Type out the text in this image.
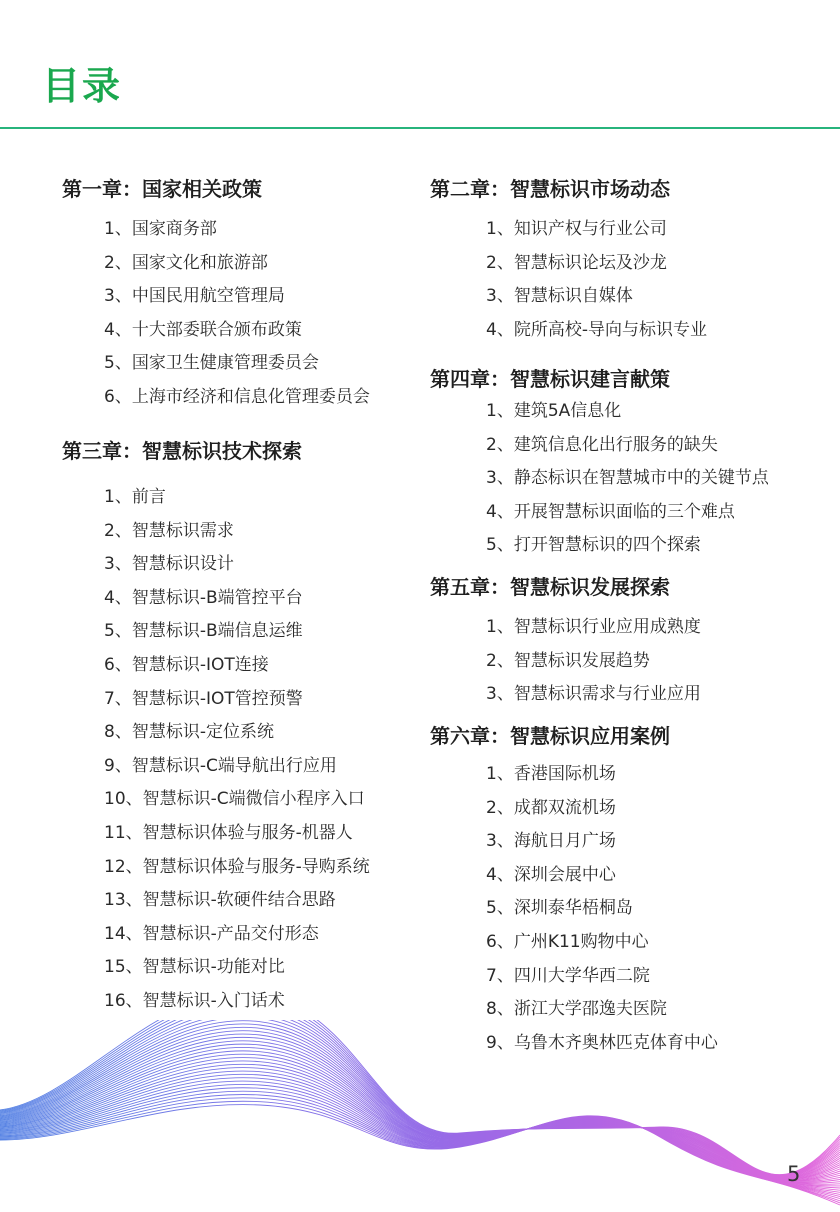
目录
第一章：国家相关政策
1、国家商务部
2、国家文化和旅游部
3、中国民用航空管理局
4、十大部委联合颁布政策
5、国家卫生健康管理委员会
6、上海市经济和信息化管理委员会
第三章：智慧标识技术探索
1、前言
2、智慧标识需求
3、智慧标识设计
4、智慧标识-B端管控平台
5、智慧标识-B端信息运维
6、智慧标识-IOT连接
7、智慧标识-IOT管控预警
8、智慧标识-定位系统
9、智慧标识-C端导航出行应用
10、智慧标识-C端微信小程序入口
11、智慧标识体验与服务-机器人
12、智慧标识体验与服务-导购系统
13、智慧标识-软硬件结合思路
14、智慧标识-产品交付形态
15、智慧标识-功能对比
16、智慧标识-入门话术
第二章：智慧标识市场动态
1、知识产权与行业公司
2、智慧标识论坛及沙龙
3、智慧标识自媒体
4、院所高校-导向与标识专业
第四章：智慧标识建言献策
1、建筑5A信息化
2、建筑信息化出行服务的缺失
3、静态标识在智慧城市中的关键节点
4、开展智慧标识面临的三个难点
5、打开智慧标识的四个探索
第五章：智慧标识发展探索
1、智慧标识行业应用成熟度
2、智慧标识发展趋势
3、智慧标识需求与行业应用
第六章：智慧标识应用案例
1、香港国际机场
2、成都双流机场
3、海航日月广场
4、深圳会展中心
5、深圳泰华梧桐岛
6、广州K11购物中心
7、四川大学华西二院
8、浙江大学邵逸夫医院
9、乌鲁木齐奥林匹克体育中心
5
